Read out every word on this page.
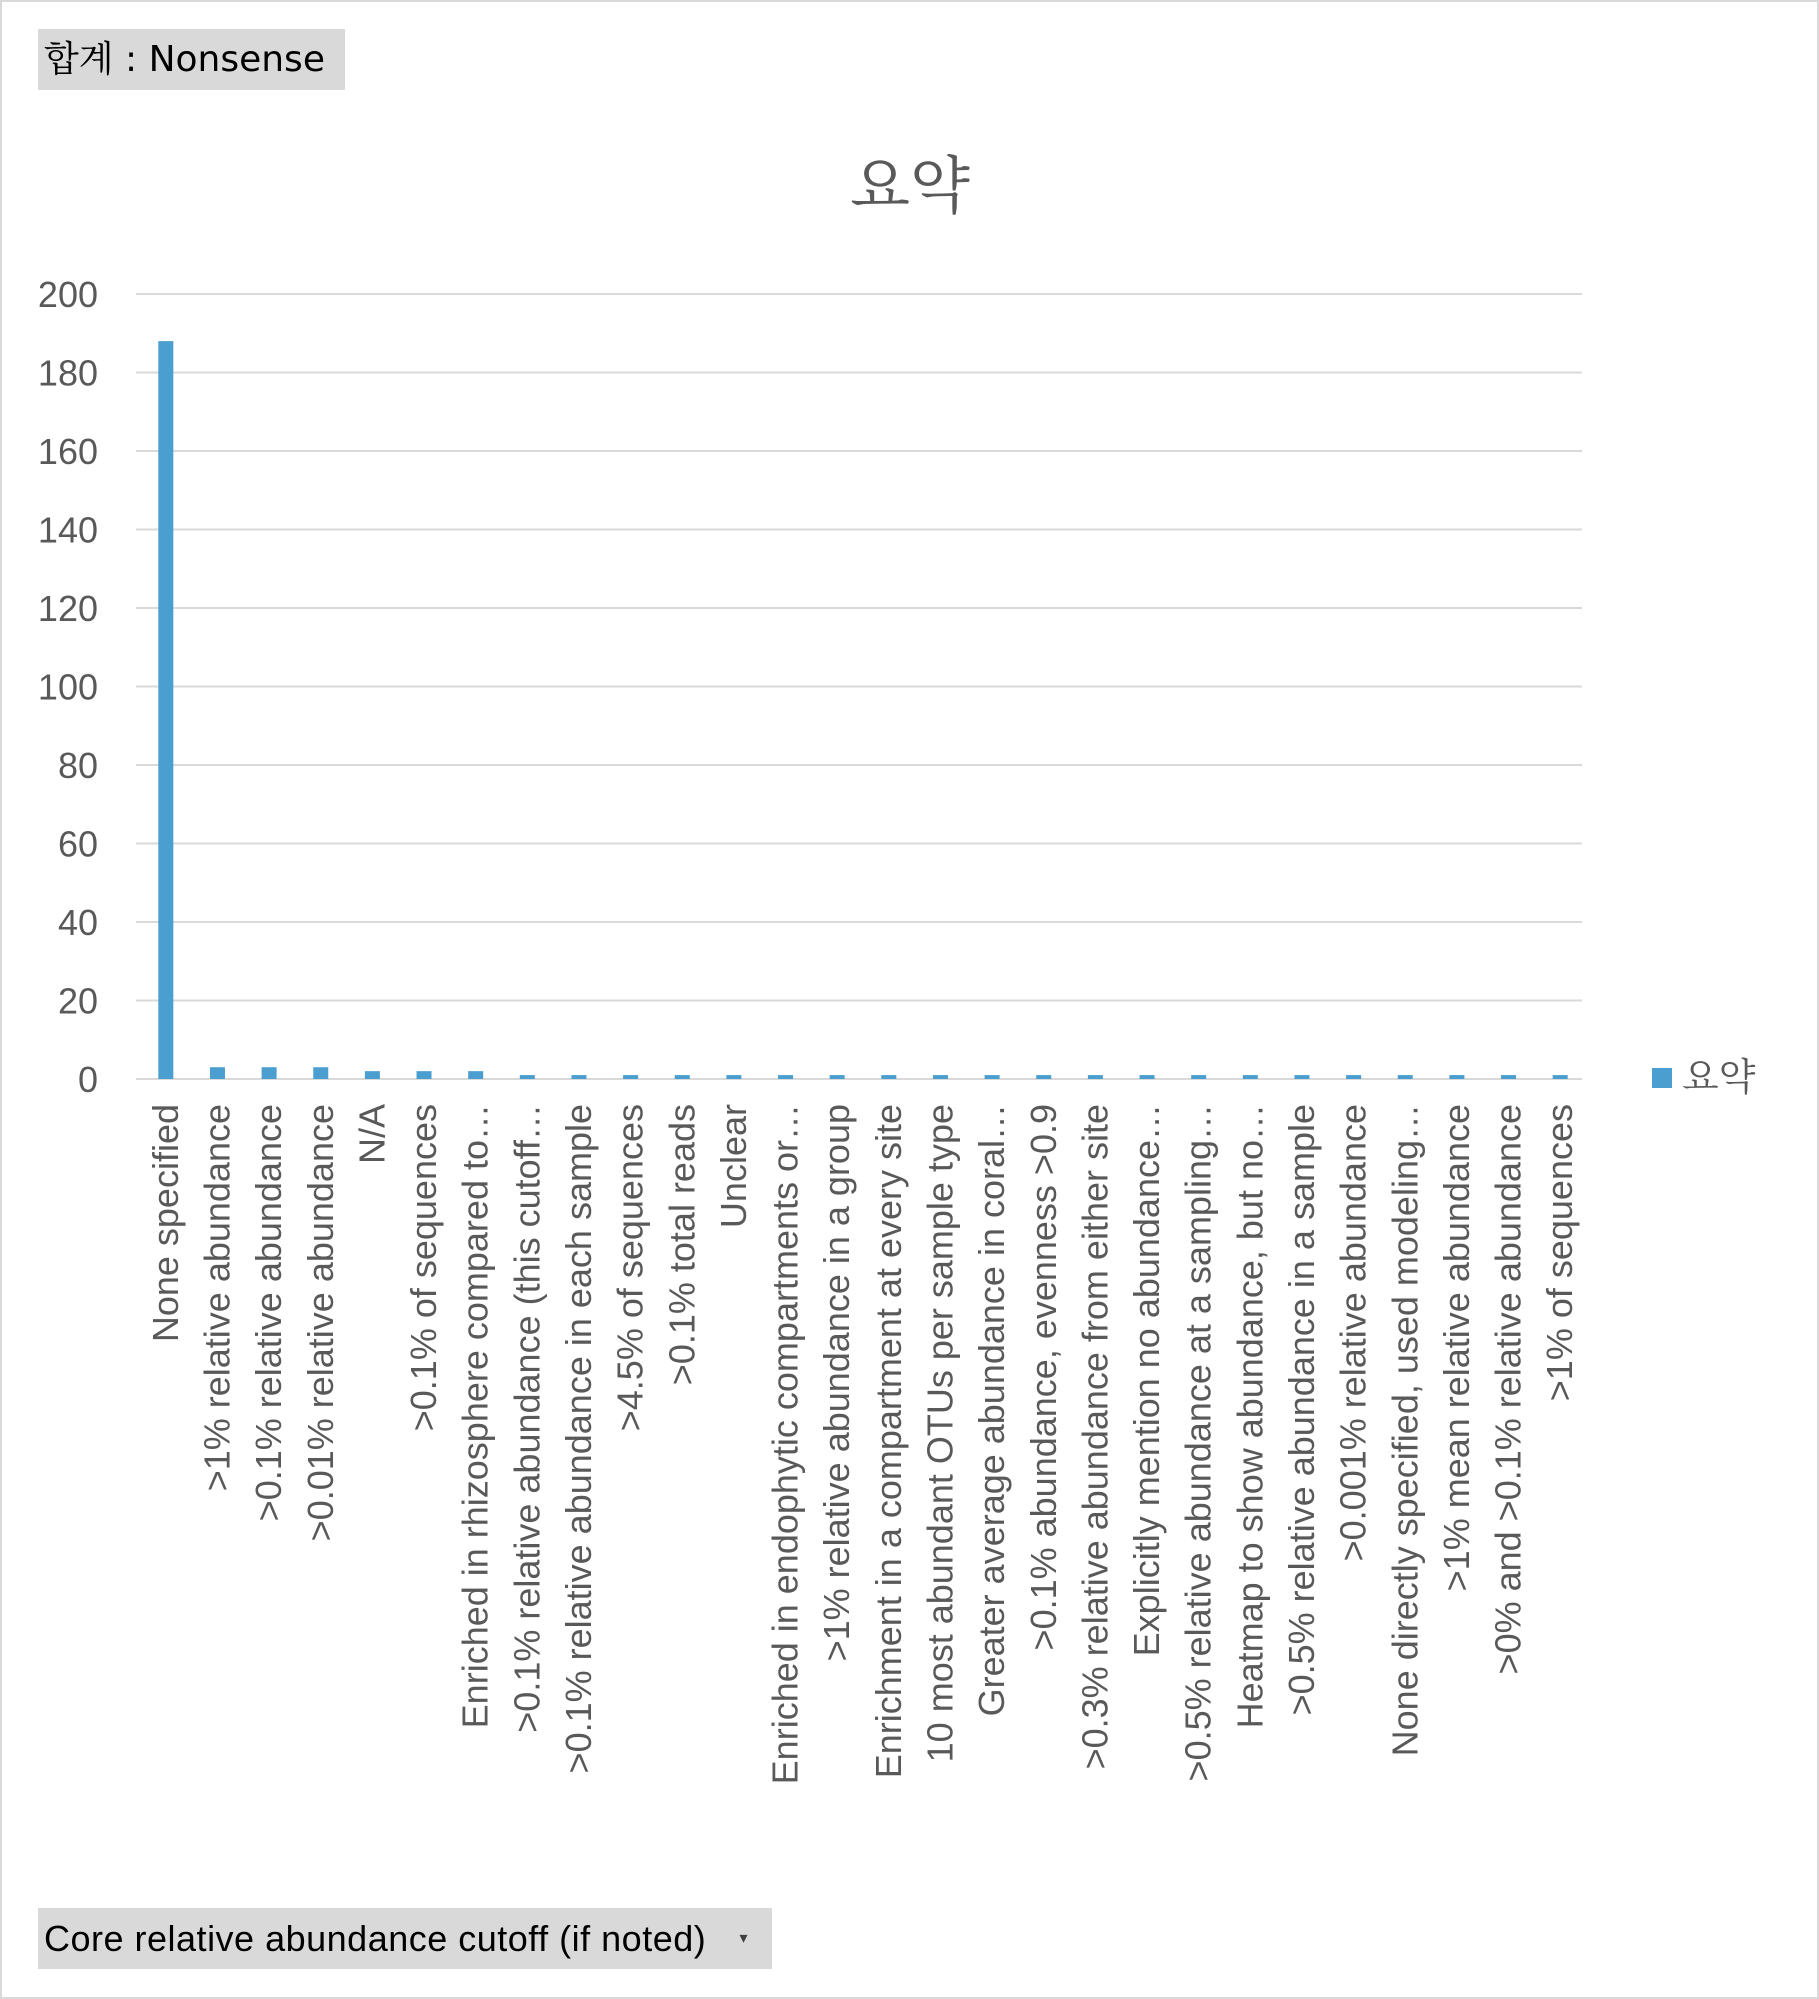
합계 : Nonsense
요약
0
20
40
60
80
100
120
140
160
180
200
None specified >1% relative abundance >0.1% relative abundance >0.01% relative abundance N/A >0.1% of sequences Enriched in rhizosphere compared to… >0.1% relative abundance (this cutoff… >0.1% relative abundance in each sample >4.5% of sequences >0.1% total reads Unclear Enriched in endophytic compartments or… >1% relative abundance in a group Enrichment in a compartment at every site 10 most abundant OTUs per sample type Greater average abundance in coral… >0.1% abundance, evenness >0.9 >0.3% relative abundance from either site Explicitly mention no abundance… >0.5% relative abundance at a sampling… Heatmap to show abundance, but no… >0.5% relative abundance in a sample >0.001% relative abundance None directly specified, used modeling… >1% mean relative abundance >0% and >0.1% relative abundance >1% of sequences
요약
Core relative abundance cutoff (if noted) ▾
